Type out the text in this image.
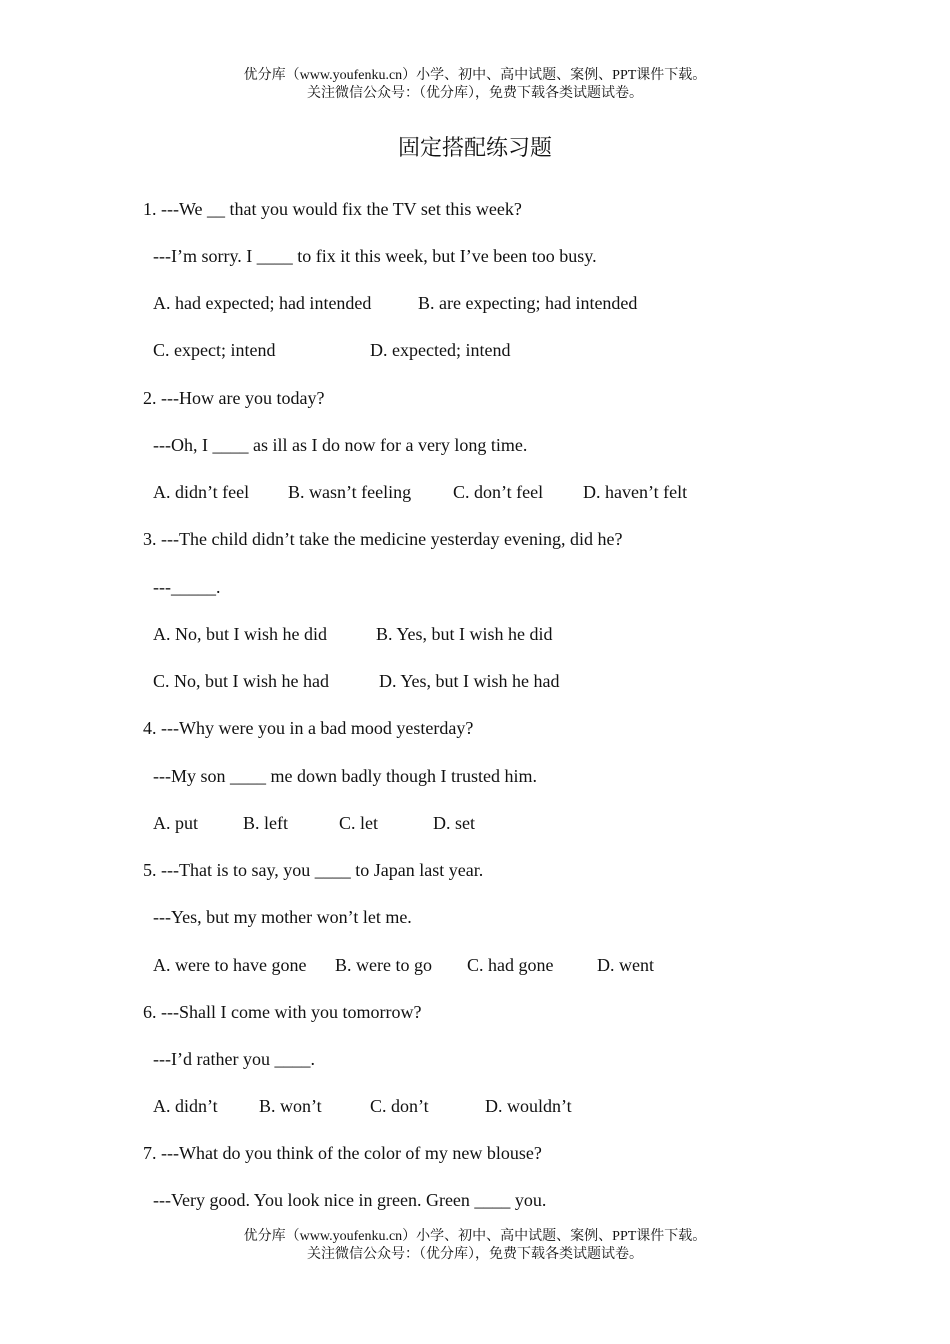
优分库（www.youfenku.cn）小学、初中、高中试题、案例、PPT课件下载。
关注微信公众号：（优分库），免费下载各类试题试卷。
固定搭配练习题
1. ---We __ that you would fix the TV set this week?
---I’m sorry. I ____ to fix it this week, but I’ve been too busy.
A. had expected; had intended	B. are expecting; had intended
C. expect; intend	D. expected; intend
2. ---How are you today?
---Oh, I ____ as ill as I do now for a very long time.
A. didn’t feel B. wasn’t feeling C. don’t feel D. haven’t felt
3. ---The child didn’t take the medicine yesterday evening, did he?
---_____.
A. No, but I wish he did	B. Yes, but I wish he did
C. No, but I wish he had	D. Yes, but I wish he had
4. ---Why were you in a bad mood yesterday?
---My son ____ me down badly though I trusted him.
A. put	B. left	C. let	D. set
5. ---That is to say, you ____ to Japan last year.
---Yes, but my mother won’t let me.
A. were to have gone B. were to go C. had gone D. went
6. ---Shall I come with you tomorrow?
---I’d rather you ____.
A. didn’t B. won’t	C. don’t	D. wouldn’t
7. ---What do you think of the color of my new blouse?
---Very good. You look nice in green. Green ____ you.
优分库（www.youfenku.cn）小学、初中、高中试题、案例、PPT课件下载。
关注微信公众号：（优分库），免费下载各类试题试卷。
